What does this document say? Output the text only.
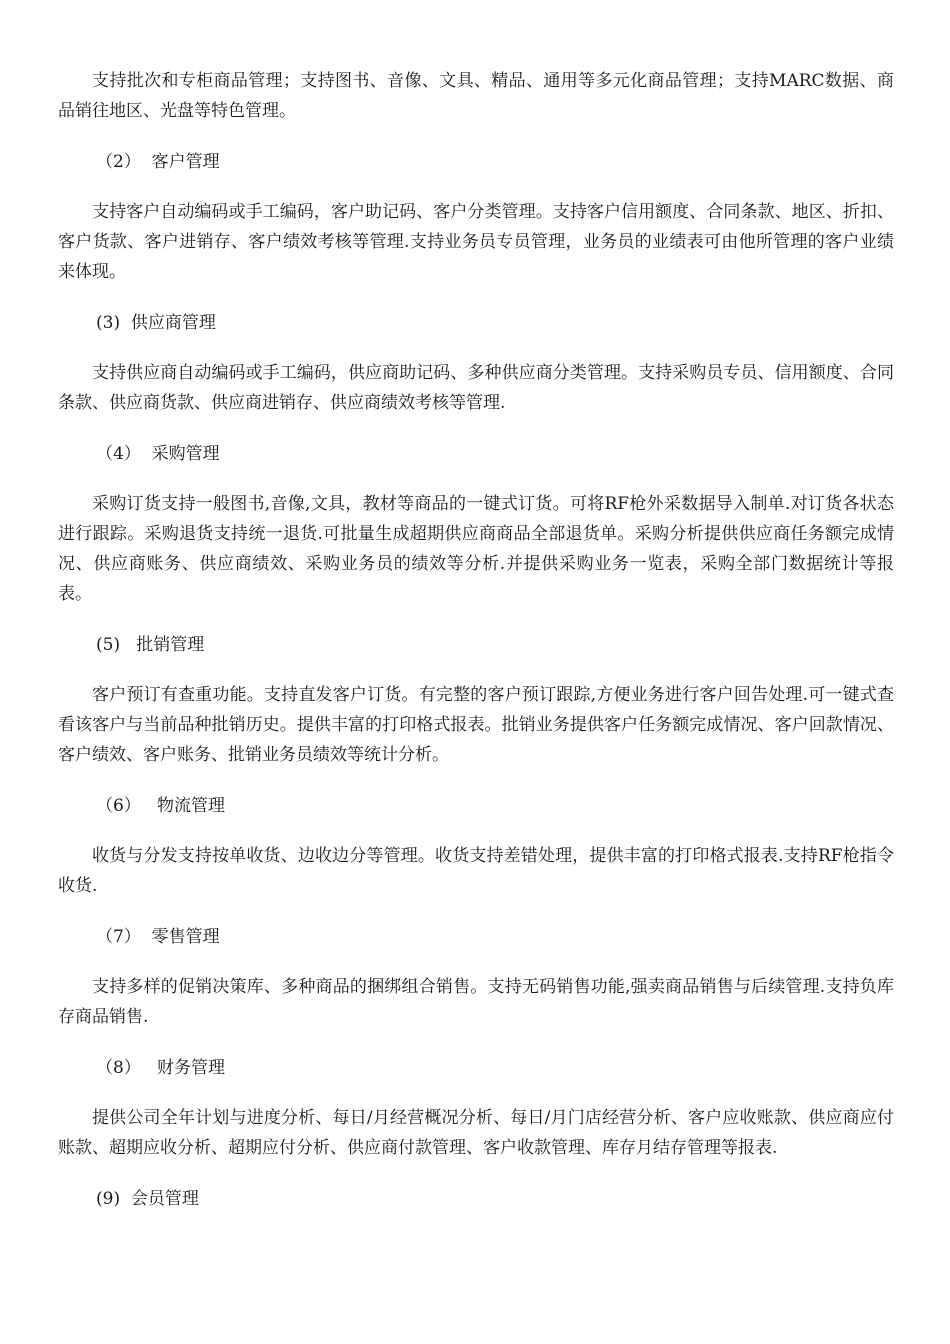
支持批次和专柜商品管理；支持图书、音像、文具、精品、通用等多元化商品管理；支持MARC数据、商品销往地区、光盘等特色管理。

（2）  客户管理

支持客户自动编码或手工编码，客户助记码、客户分类管理。支持客户信用额度、合同条款、地区、折扣、客户货款、客户进销存、客户绩效考核等管理.支持业务员专员管理，业务员的业绩表可由他所管理的客户业绩来体现。

(3)  供应商管理

支持供应商自动编码或手工编码，供应商助记码、多种供应商分类管理。支持采购员专员、信用额度、合同条款、供应商货款、供应商进销存、供应商绩效考核等管理.

（4）  采购管理

采购订货支持一般图书,音像,文具，教材等商品的一键式订货。可将RF枪外采数据导入制单.对订货各状态进行跟踪。采购退货支持统一退货.可批量生成超期供应商商品全部退货单。采购分析提供供应商任务额完成情况、供应商账务、供应商绩效、采购业务员的绩效等分析.并提供采购业务一览表，采购全部门数据统计等报表。

(5)   批销管理

客户预订有查重功能。支持直发客户订货。有完整的客户预订跟踪,方便业务进行客户回告处理.可一键式查看该客户与当前品种批销历史。提供丰富的打印格式报表。批销业务提供客户任务额完成情况、客户回款情况、客户绩效、客户账务、批销业务员绩效等统计分析。

（6）   物流管理

收货与分发支持按单收货、边收边分等管理。收货支持差错处理，提供丰富的打印格式报表.支持RF枪指令收货.

（7）  零售管理

支持多样的促销决策库、多种商品的捆绑组合销售。支持无码销售功能,强卖商品销售与后续管理.支持负库存商品销售.

（8）   财务管理

提供公司全年计划与进度分析、每日/月经营概况分析、每日/月门店经营分析、客户应收账款、供应商应付账款、超期应收分析、超期应付分析、供应商付款管理、客户收款管理、库存月结存管理等报表.

(9)  会员管理
